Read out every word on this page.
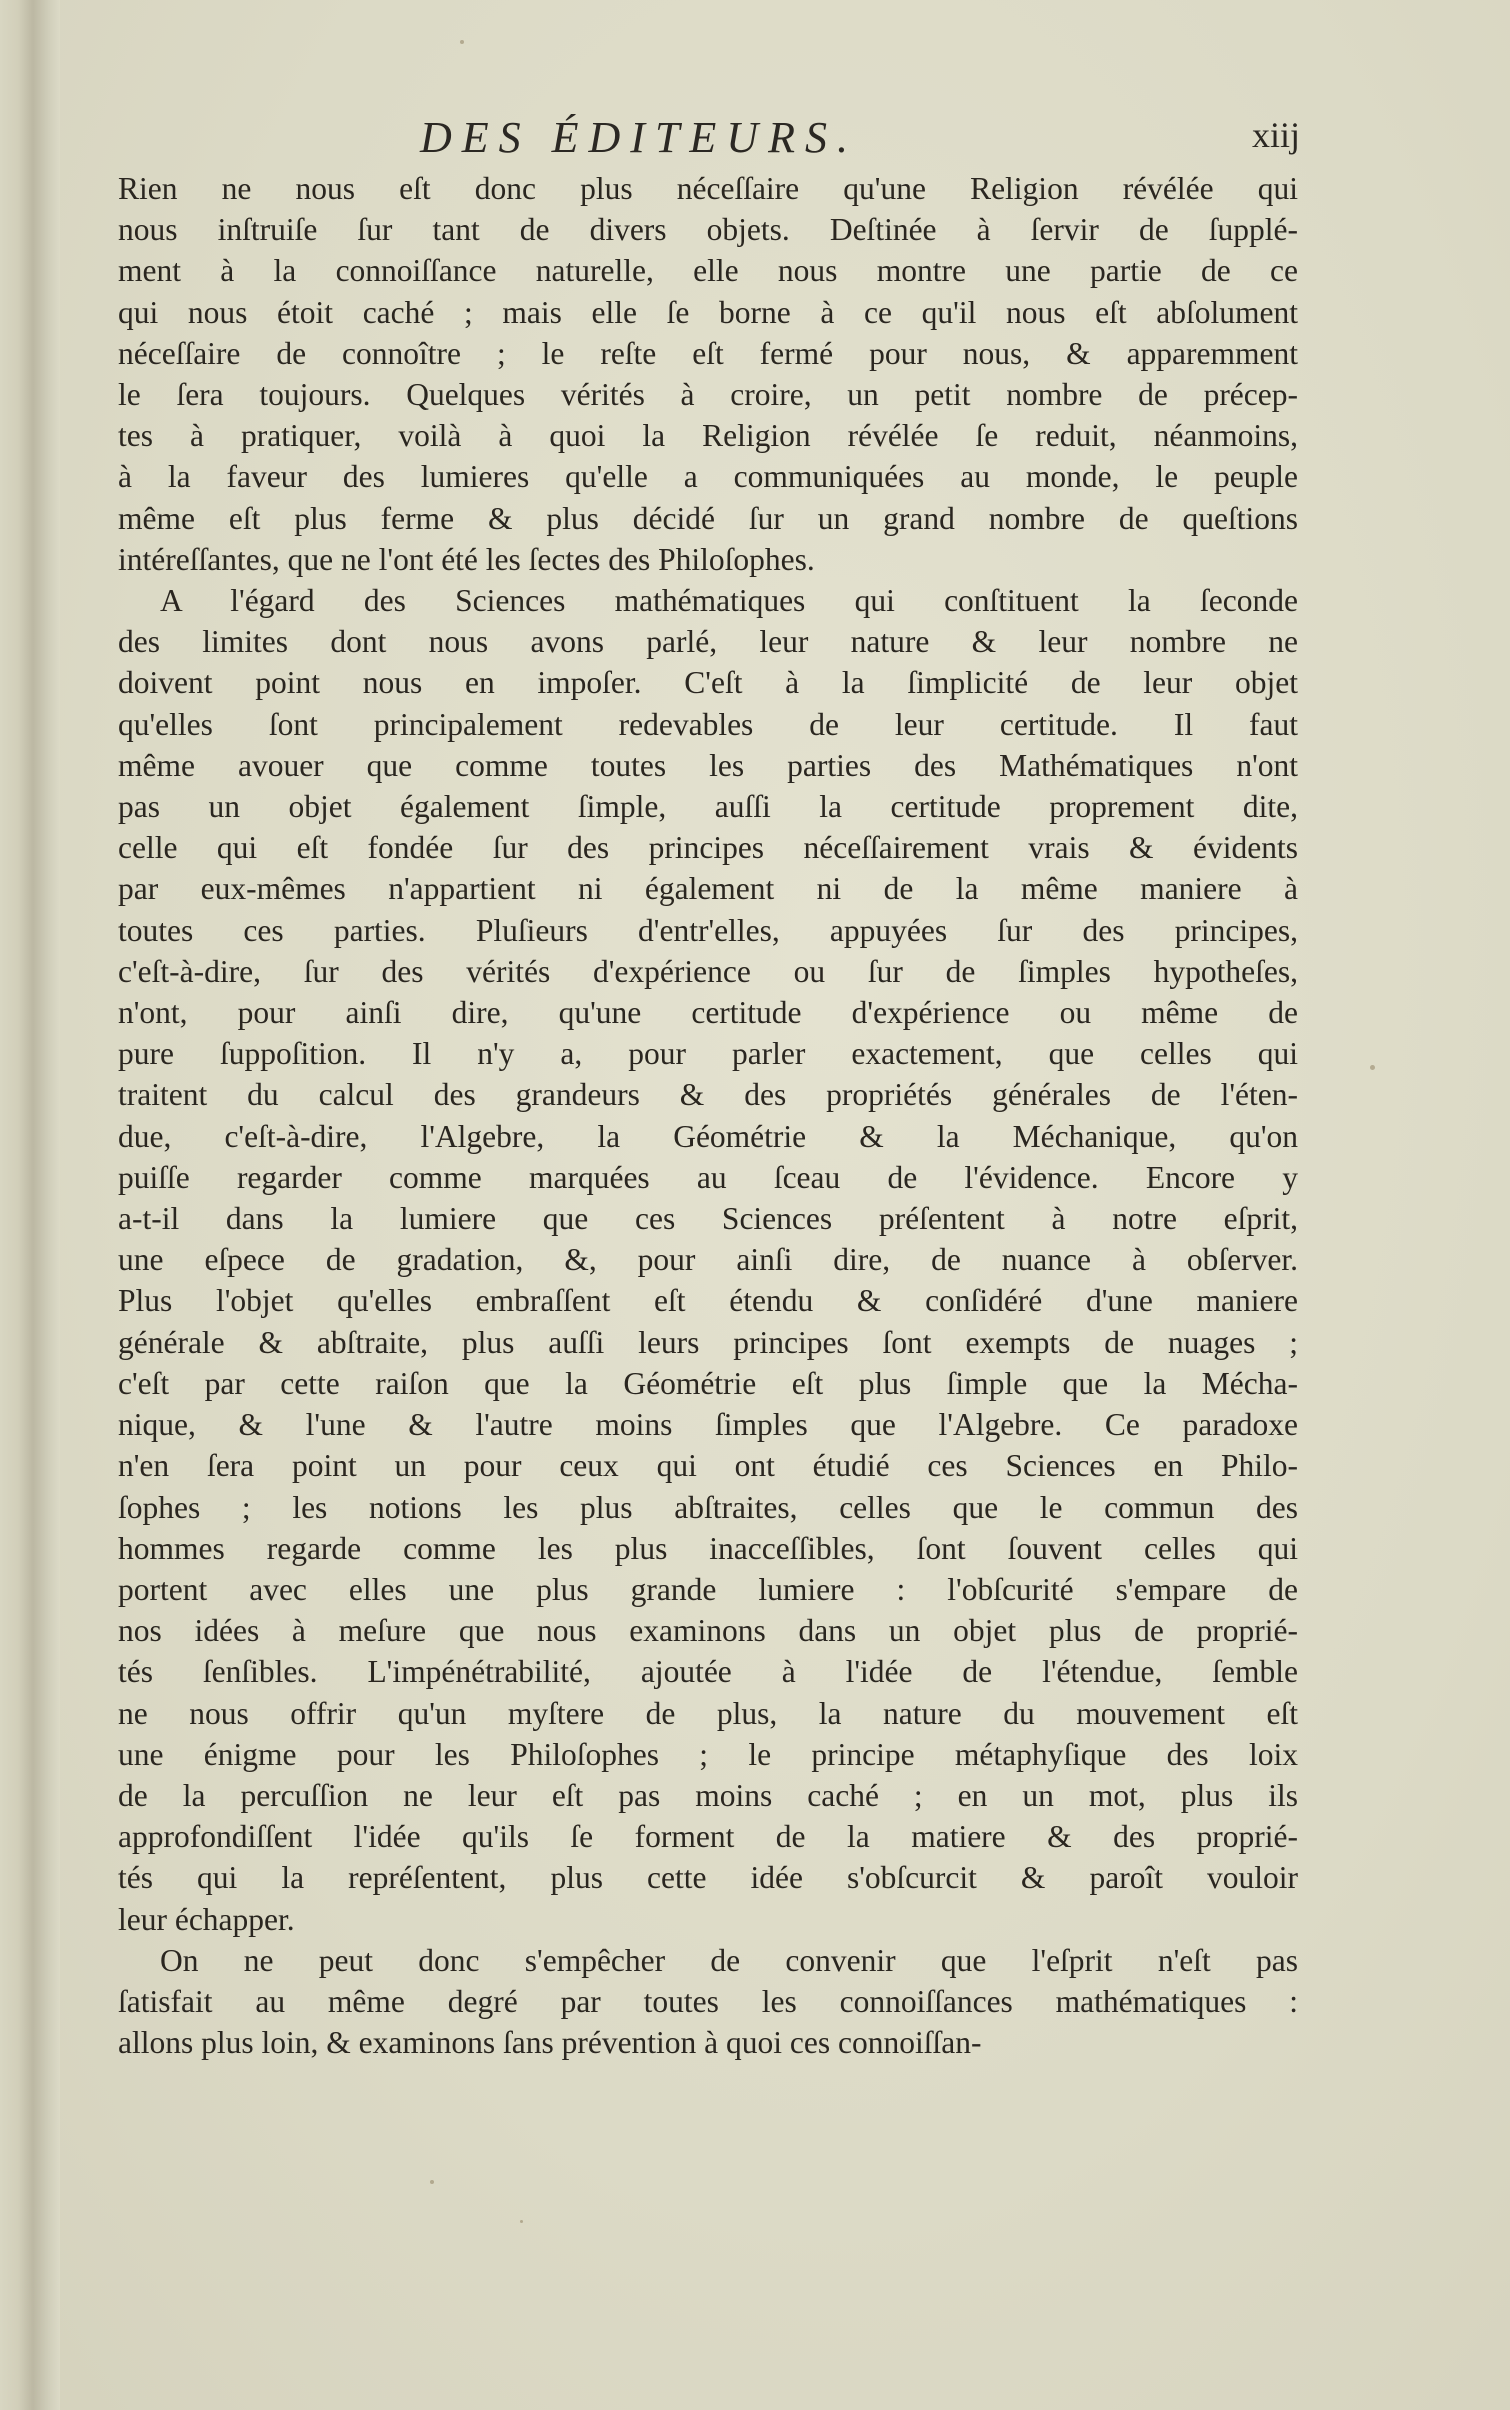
DES ÉDITEURS.	xiij
Rien ne nous eſt donc plus néceſſaire qu'une Religion révélée qui
nous inſtruiſe ſur tant de divers objets. Deſtinée à ſervir de ſupplé-
ment à la connoiſſance naturelle, elle nous montre une partie de ce
qui nous étoit caché ; mais elle ſe borne à ce qu'il nous eſt abſolument
néceſſaire de connoître ; le reſte eſt fermé pour nous, & apparemment
le ſera toujours. Quelques vérités à croire, un petit nombre de précep-
tes à pratiquer, voilà à quoi la Religion révélée ſe reduit, néanmoins,
à la faveur des lumieres qu'elle a communiquées au monde, le peuple
même eſt plus ferme & plus décidé ſur un grand nombre de queſtions
intéreſſantes, que ne l'ont été les ſectes des Philoſophes.
A l'égard des Sciences mathématiques qui conſtituent la ſeconde
des limites dont nous avons parlé, leur nature & leur nombre ne
doivent point nous en impoſer. C'eſt à la ſimplicité de leur objet
qu'elles ſont principalement redevables de leur certitude. Il faut
même avouer que comme toutes les parties des Mathématiques n'ont
pas un objet également ſimple, auſſi la certitude proprement dite,
celle qui eſt fondée ſur des principes néceſſairement vrais & évidents
par eux-mêmes n'appartient ni également ni de la même maniere à
toutes ces parties. Pluſieurs d'entr'elles, appuyées ſur des principes,
c'eſt-à-dire, ſur des vérités d'expérience ou ſur de ſimples hypotheſes,
n'ont, pour ainſi dire, qu'une certitude d'expérience ou même de
pure ſuppoſition. Il n'y a, pour parler exactement, que celles qui
traitent du calcul des grandeurs & des propriétés générales de l'éten-
due, c'eſt-à-dire, l'Algebre, la Géométrie & la Méchanique, qu'on
puiſſe regarder comme marquées au ſceau de l'évidence. Encore y
a-t-il dans la lumiere que ces Sciences préſentent à notre eſprit,
une eſpece de gradation, &, pour ainſi dire, de nuance à obſerver.
Plus l'objet qu'elles embraſſent eſt étendu & conſidéré d'une maniere
générale & abſtraite, plus auſſi leurs principes ſont exempts de nuages ;
c'eſt par cette raiſon que la Géométrie eſt plus ſimple que la Mécha-
nique, & l'une & l'autre moins ſimples que l'Algebre. Ce paradoxe
n'en ſera point un pour ceux qui ont étudié ces Sciences en Philo-
ſophes ; les notions les plus abſtraites, celles que le commun des
hommes regarde comme les plus inacceſſibles, ſont ſouvent celles qui
portent avec elles une plus grande lumiere : l'obſcurité s'empare de
nos idées à meſure que nous examinons dans un objet plus de proprié-
tés ſenſibles. L'impénétrabilité, ajoutée à l'idée de l'étendue, ſemble
ne nous offrir qu'un myſtere de plus, la nature du mouvement eſt
une énigme pour les Philoſophes ; le principe métaphyſique des loix
de la percuſſion ne leur eſt pas moins caché ; en un mot, plus ils
approfondiſſent l'idée qu'ils ſe forment de la matiere & des proprié-
tés qui la repréſentent, plus cette idée s'obſcurcit & paroît vouloir
leur échapper.
On ne peut donc s'empêcher de convenir que l'eſprit n'eſt pas
ſatisfait au même degré par toutes les connoiſſances mathématiques :
allons plus loin, & examinons ſans prévention à quoi ces connoiſſan-
